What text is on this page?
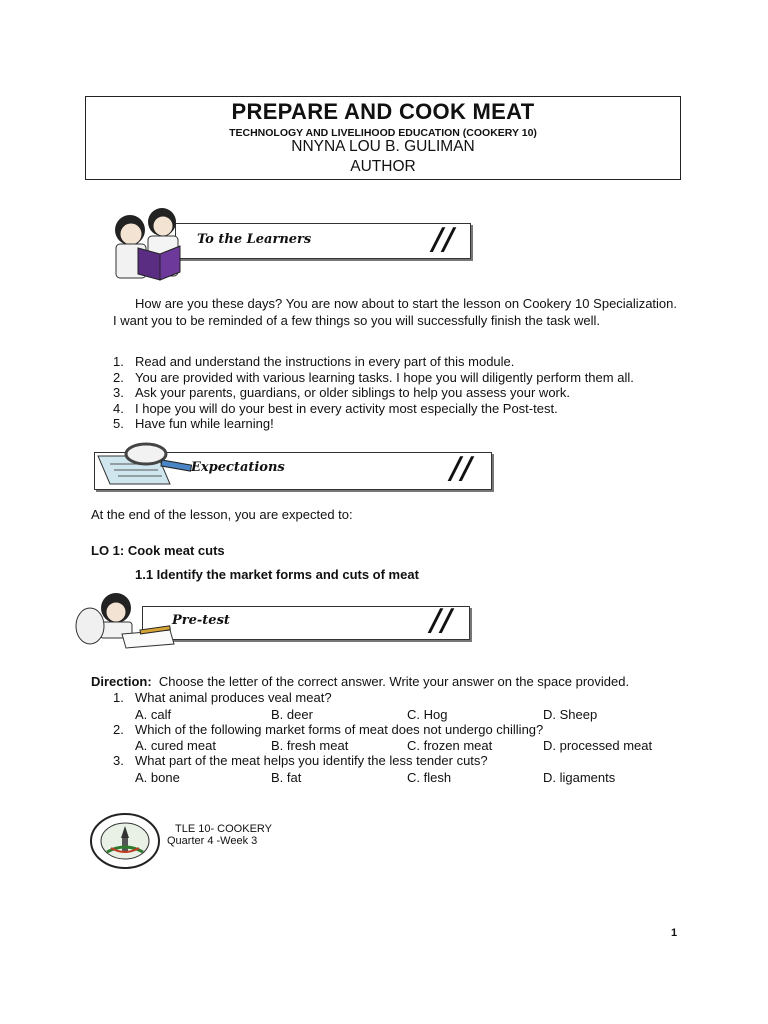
PREPARE AND COOK MEAT
TECHNOLOGY AND LIVELIHOOD EDUCATION (COOKERY 10)
NNYNA LOU B. GULIMAN
AUTHOR
To the Learners	//
How are you these days? You are now about to start the lesson on Cookery 10 Specialization. I want you to be reminded of a few things so you will successfully finish the task well.
1. Read and understand the instructions in every part of this module.
2. You are provided with various learning tasks. I hope you will diligently perform them all.
3. Ask your parents, guardians, or older siblings to help you assess your work.
4. I hope you will do your best in every activity most especially the Post-test.
5. Have fun while learning!
Expectations	//
At the end of the lesson, you are expected to:
LO 1: Cook meat cuts
1.1 Identify the market forms and cuts of meat
Pre-test	//
Direction: Choose the letter of the correct answer. Write your answer on the space provided.
1. What animal produces veal meat?
A. calf	B. deer	C. Hog	D. Sheep
2. Which of the following market forms of meat does not undergo chilling?
A. cured meat	B. fresh meat	C. frozen meat	D. processed meat
3. What part of the meat helps you identify the less tender cuts?
A. bone	B. fat	C. flesh	D. ligaments
TLE 10- COOKERY
Quarter 4 -Week 3
1
